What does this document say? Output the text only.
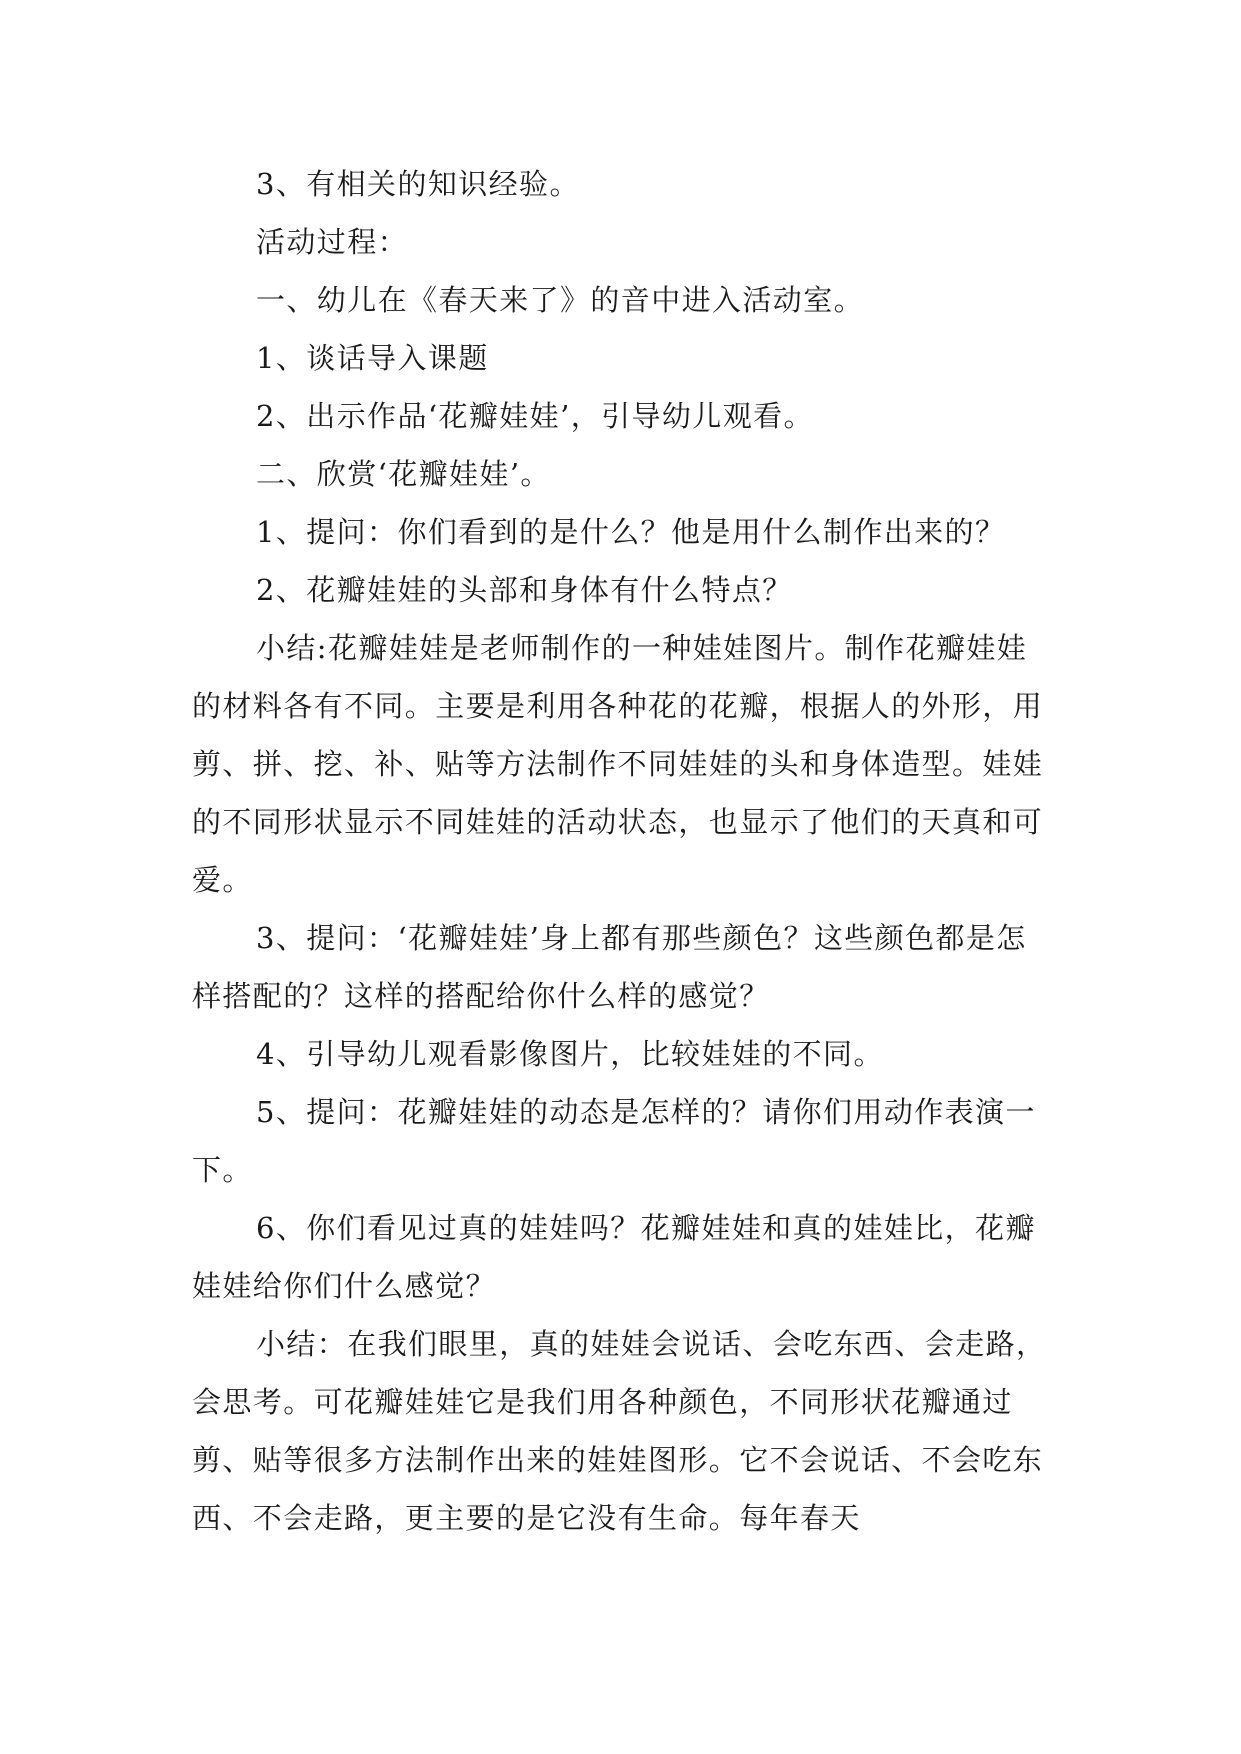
3、有相关的知识经验。

活动过程：

一、幼儿在《春天来了》的音中进入活动室。

1、谈话导入课题

2、出示作品‘花瓣娃娃’，引导幼儿观看。

二、欣赏‘花瓣娃娃’。

1、提问：你们看到的是什么？他是用什么制作出来的？

2、花瓣娃娃的头部和身体有什么特点？

小结:花瓣娃娃是老师制作的一种娃娃图片。制作花瓣娃娃的材料各有不同。主要是利用各种花的花瓣，根据人的外形，用剪、拼、挖、补、贴等方法制作不同娃娃的头和身体造型。娃娃的不同形状显示不同娃娃的活动状态，也显示了他们的天真和可爱。

3、提问：‘花瓣娃娃’身上都有那些颜色？这些颜色都是怎样搭配的？这样的搭配给你什么样的感觉？

4、引导幼儿观看影像图片，比较娃娃的不同。

5、提问：花瓣娃娃的动态是怎样的？请你们用动作表演一下。

6、你们看见过真的娃娃吗？花瓣娃娃和真的娃娃比，花瓣娃娃给你们什么感觉？

小结：在我们眼里，真的娃娃会说话、会吃东西、会走路，会思考。可花瓣娃娃它是我们用各种颜色，不同形状花瓣通过剪、贴等很多方法制作出来的娃娃图形。它不会说话、不会吃东西、不会走路，更主要的是它没有生命。每年春天
